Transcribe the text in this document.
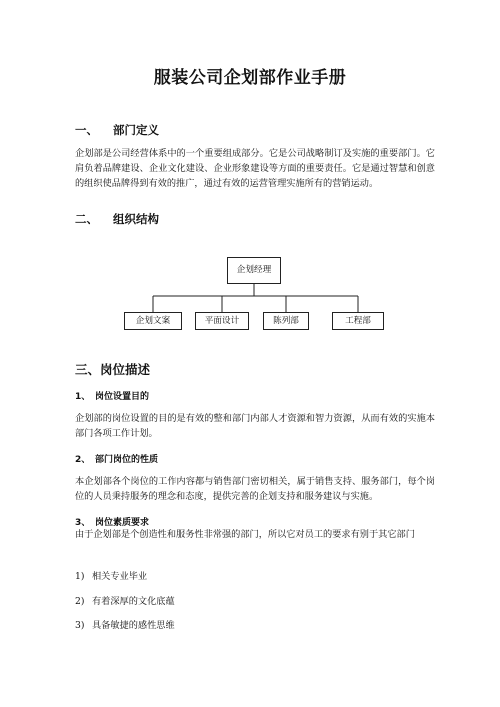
服装公司企划部作业手册
一、 部门定义
企划部是公司经营体系中的一个重要组成部分。它是公司战略制订及实施的重要部门。它肩负着品牌建设、企业文化建设、企业形象建设等方面的重要责任。它是通过智慧和创意的组织使品牌得到有效的推广，通过有效的运营管理实施所有的营销运动。
二、 组织结构
企划经理
企划文案	平面设计	陈列部	工程部
三、岗位描述
1、 岗位设置目的
企划部的岗位设置的目的是有效的整和部门内部人才资源和智力资源，从而有效的实施本部门各项工作计划。
2、 部门岗位的性质
本企划部各个岗位的工作内容都与销售部门密切相关，属于销售支持、服务部门，每个岗位的人员秉持服务的理念和态度，提供完善的企划支持和服务建议与实施。
3、 岗位素质要求
由于企划部是个创造性和服务性非常强的部门，所以它对员工的要求有别于其它部门
1) 相关专业毕业
2) 有着深厚的文化底蕴
3) 具备敏捷的感性思维
